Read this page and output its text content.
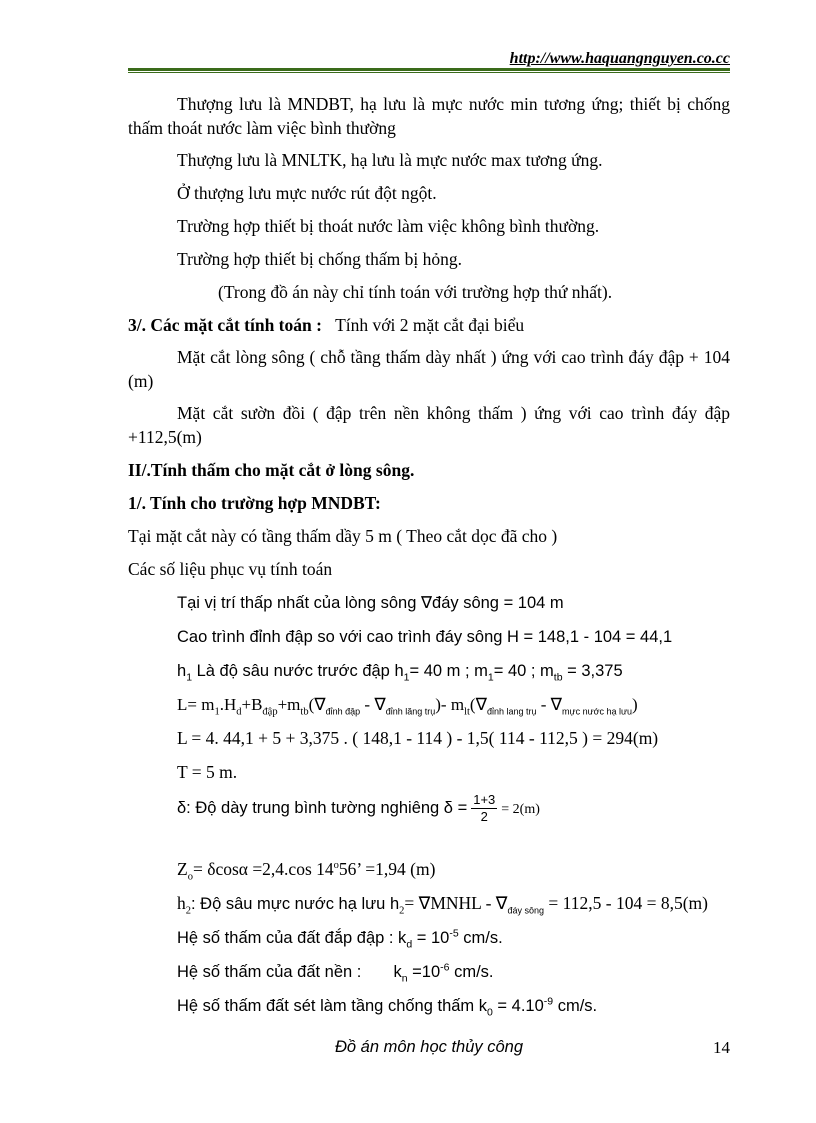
http://www.haquangnguyen.co.cc

Thượng lưu là MNDBT, hạ lưu là mực nước min tương ứng; thiết bị chống thấm thoát nước làm việc bình thường

Thượng lưu là MNLTK, hạ lưu là mực nước max tương ứng.

Ở thượng lưu mực nước rút đột ngột.

Trường hợp thiết bị thoát nước làm việc không bình thường.

Trường hợp thiết bị chống thấm bị hỏng.

(Trong đồ án này chỉ tính toán với trường hợp thứ nhất).

3/. Các mặt cắt tính toán : Tính với 2 mặt cắt đại biểu

Mặt cắt lòng sông ( chỗ tầng thấm dày nhất ) ứng với cao trình đáy đập + 104 (m)

Mặt cắt sườn đồi ( đập trên nền không thấm ) ứng với cao trình đáy đập +112,5(m)

II/.Tính thấm cho mặt cắt ở lòng sông.

1/. Tính cho trường hợp MNDBT:

Tại mặt cắt này có tầng thấm dầy 5 m ( Theo cắt dọc đã cho )

Các số liệu phục vụ tính toán

Tại vị trí thấp nhất của lòng sông ∇đáy sông = 104 m

Cao trình đỉnh đập so với cao trình đáy sông H = 148,1 - 104 = 44,1

$h_1$ Là độ sâu nước trước đập $h_1= 40$ m ; $m_1= 40$ ; $m_{tb} = 3,375$

$L= m_1.H_d+B_{đập}+m_{tb}(\nabla_{đỉnh đập} - \nabla_{đỉnh lăng trụ})-$ $m_{lt}(\nabla_{đỉnh lang trụ} - \nabla_{mực nước hạ lưu})$

L = 4. 44,1 + 5 + 3,375 . ( 148,1 - 114 ) - 1,5( 114 - 112,5 ) = 294(m)

T = 5 m.

δ: Độ dày trung bình tường nghiêng $\delta = \frac{1+3}{2} = 2(m)$

$Z_o= \delta\cos\alpha =2,4.\cos$ $14^o56$’ =1,94 (m)

$h_2$: Độ sâu mực nước hạ lưu $h_2=$ ∇MNHL - $\nabla_{đáy sông} = 112,5 - 104 = 8,5(m)$

Hệ số thấm của đất đắp đập : $k_d = 10^{-5}$ cm/s.

Hệ số thấm của đất nền : $k_n =10^{-6}$ cm/s.

Hệ số thấm đất sét làm tầng chống thấm $k_0 = 4.10^{-9}$ cm/s.

Đồ án môn học thủy công	14
